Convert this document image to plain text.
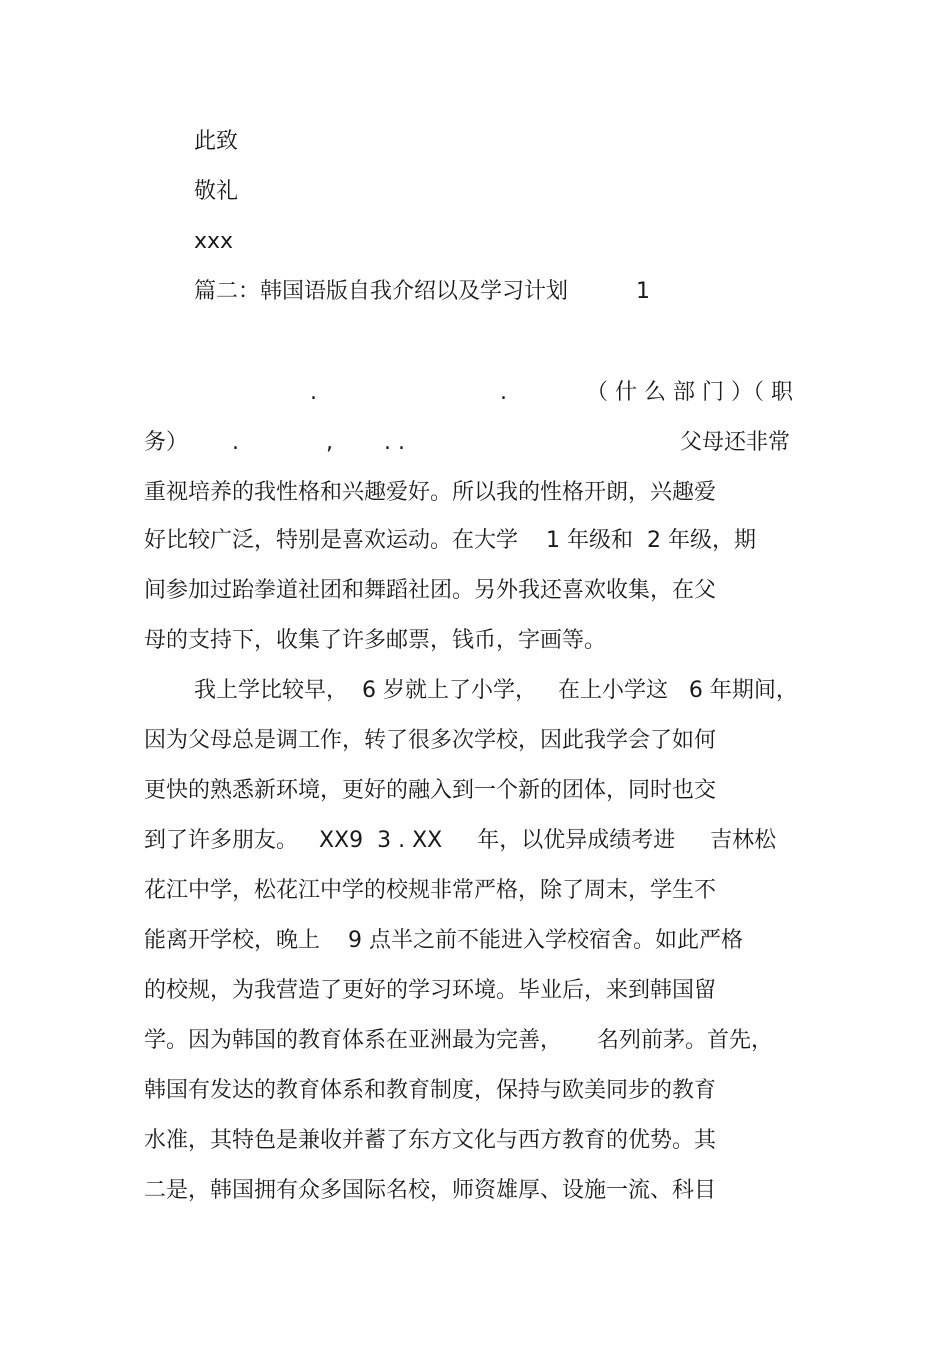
此致
敬礼
xxx
篇二：韩国语版自我介绍以及学习计划	1
.	.	（ 什 么 部 门 ）（ 职
务） .	, . .	父母还非常
重视培养的我性格和兴趣爱好。所以我的性格开朗，兴趣爱
好比较广泛，特别是喜欢运动。在大学    1 年级和  2 年级，期
间参加过跆拳道社团和舞蹈社团。另外我还喜欢收集，在父
母的支持下，收集了许多邮票，钱币，字画等。
我上学比较早，  6 岁就上了小学，   在上小学这   6 年期间，
因为父母总是调工作，转了很多次学校，因此我学会了如何
更快的熟悉新环境，更好的融入到一个新的团体，同时也交
到了许多朋友。   XX9  3 . XX     年，以优异成绩考进     吉林松
花江中学，松花江中学的校规非常严格，除了周末，学生不
能离开学校，晚上    9 点半之前不能进入学校宿舍。如此严格
的校规，为我营造了更好的学习环境。毕业后，来到韩国留
学。因为韩国的教育体系在亚洲最为完善，     名列前茅。首先，
韩国有发达的教育体系和教育制度，保持与欧美同步的教育
水准，其特色是兼收并蓄了东方文化与西方教育的优势。其
二是，韩国拥有众多国际名校，师资雄厚、设施一流、科目
